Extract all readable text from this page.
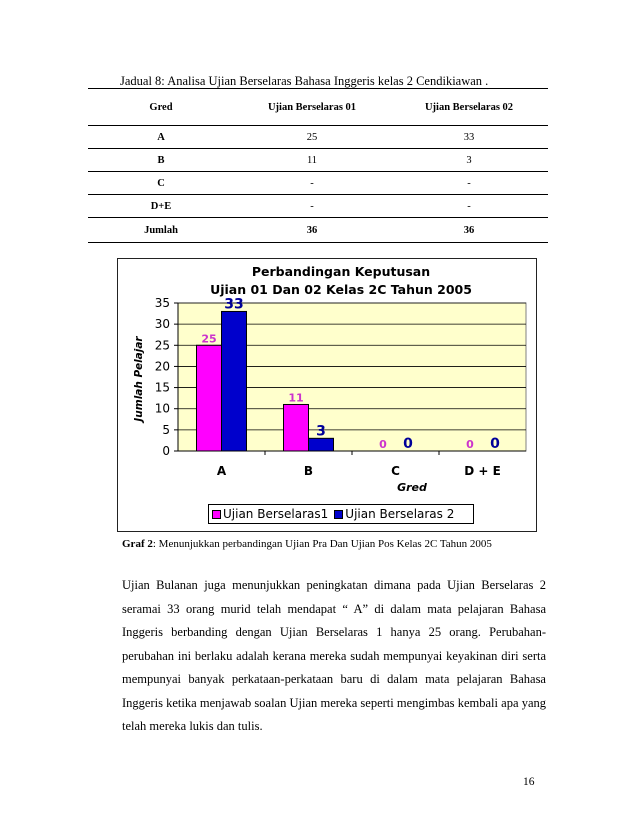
Jadual 8: Analisa Ujian Berselaras Bahasa Inggeris kelas 2 Cendikiawan .
Gred	Ujian Berselaras 01	Ujian Berselaras 02
A	25	33
B	11	3
C	-	-
D+E	-	-
Jumlah	36	36
Perbandingan Keputusan
Ujian 01 Dan 02 Kelas 2C Tahun 2005
0
5
10
15
20
25
30
35
A
25
33
B
11
3
C
0 0
D + E
0 0
Gred
Jumlah Pelajar
Ujian Berselaras1 Ujian Berselaras 2
Graf 2: Menunjukkan perbandingan Ujian Pra Dan Ujian Pos Kelas 2C Tahun 2005
Ujian Bulanan juga menunjukkan peningkatan dimana pada Ujian Berselaras 2 seramai 33 orang murid telah mendapat “ A” di dalam mata pelajaran Bahasa Inggeris berbanding dengan Ujian Berselaras 1 hanya 25 orang. Perubahan-perubahan ini berlaku adalah kerana mereka sudah mempunyai keyakinan diri serta mempunyai banyak perkataan-perkataan baru di dalam mata pelajaran Bahasa Inggeris ketika menjawab soalan Ujian mereka seperti mengimbas kembali apa yang telah mereka lukis dan tulis.
16
